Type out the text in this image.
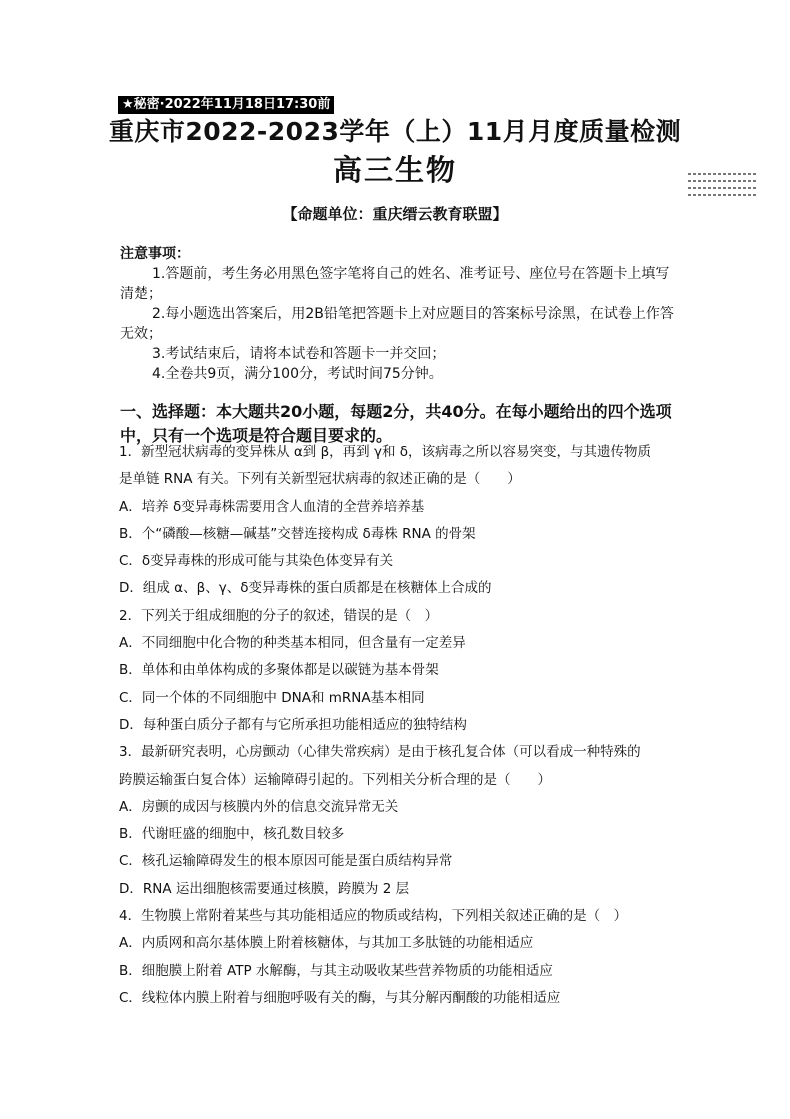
★秘密·2022年11月18日17:30前
重庆市2022-2023学年（上）11月月度质量检测
高三生物
【命题单位：重庆缙云教育联盟】
注意事项：
1.答题前，考生务必用黑色签字笔将自己的姓名、准考证号、座位号在答题卡上填写清楚；
2.每小题选出答案后，用2B铅笔把答题卡上对应题目的答案标号涂黑，在试卷上作答无效；
3.考试结束后，请将本试卷和答题卡一并交回；
4.全卷共9页，满分100分，考试时间75分钟。
一、选择题：本大题共20小题，每题2分，共40分。在每小题给出的四个选项中，只有一个选项是符合题目要求的。
1．新型冠状病毒的变异株从 α到 β，再到 γ和 δ，该病毒之所以容易突变，与其遗传物质
是单链 RNA 有关。下列有关新型冠状病毒的叙述正确的是（　　）
A．培养 δ变异毒株需要用含人血清的全营养培养基
B．个“磷酸—核糖—碱基”交替连接构成 δ毒株 RNA 的骨架
C．δ变异毒株的形成可能与其染色体变异有关
D．组成 α、β、γ、δ变异毒株的蛋白质都是在核糖体上合成的
2．下列关于组成细胞的分子的叙述，错误的是（　）
A．不同细胞中化合物的种类基本相同，但含量有一定差异
B．单体和由单体构成的多聚体都是以碳链为基本骨架
C．同一个体的不同细胞中 DNA和 mRNA基本相同
D．每种蛋白质分子都有与它所承担功能相适应的独特结构
3．最新研究表明，心房颤动（心律失常疾病）是由于核孔复合体（可以看成一种特殊的
跨膜运输蛋白复合体）运输障碍引起的。下列相关分析合理的是（　　）
A．房颤的成因与核膜内外的信息交流异常无关
B．代谢旺盛的细胞中，核孔数目较多
C．核孔运输障碍发生的根本原因可能是蛋白质结构异常
D．RNA 运出细胞核需要通过核膜，跨膜为 2 层
4．生物膜上常附着某些与其功能相适应的物质或结构，下列相关叙述正确的是（　）
A．内质网和高尔基体膜上附着核糖体，与其加工多肽链的功能相适应
B．细胞膜上附着 ATP 水解酶，与其主动吸收某些营养物质的功能相适应
C．线粒体内膜上附着与细胞呼吸有关的酶，与其分解丙酮酸的功能相适应
